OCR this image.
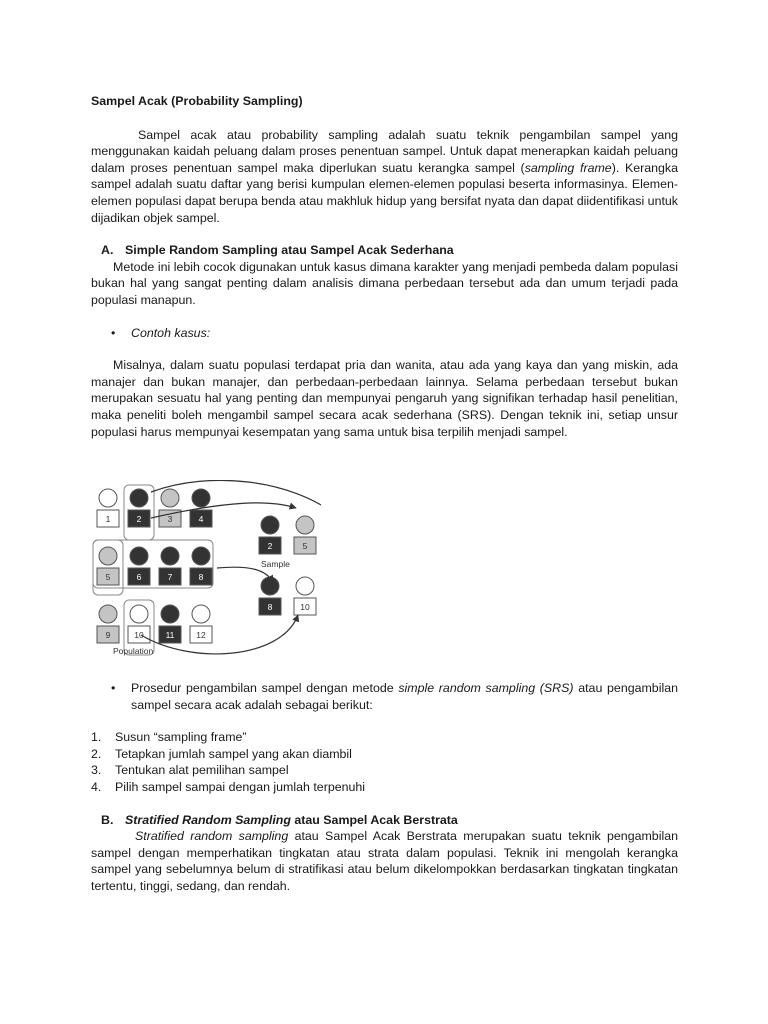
Sampel Acak (Probability Sampling)

Sampel acak atau probability sampling adalah suatu teknik pengambilan sampel yang menggunakan kaidah peluang dalam proses penentuan sampel. Untuk dapat menerapkan kaidah peluang dalam proses penentuan sampel maka diperlukan suatu kerangka sampel (sampling frame). Kerangka sampel adalah suatu daftar yang berisi kumpulan elemen-elemen populasi beserta informasinya. Elemen-elemen populasi dapat berupa benda atau makhluk hidup yang bersifat nyata dan dapat diidentifikasi untuk dijadikan objek sampel.

A. Simple Random Sampling atau Sampel Acak Sederhana

Metode ini lebih cocok digunakan untuk kasus dimana karakter yang menjadi pembeda dalam populasi bukan hal yang sangat penting dalam analisis dimana perbedaan tersebut ada dan umum terjadi pada populasi manapun.

•	Contoh kasus:

Misalnya, dalam suatu populasi terdapat pria dan wanita, atau ada yang kaya dan yang miskin, ada manajer dan bukan manajer, dan perbedaan-perbedaan lainnya. Selama perbedaan tersebut bukan merupakan sesuatu hal yang penting dan mempunyai pengaruh yang signifikan terhadap hasil penelitian, maka peneliti boleh mengambil sampel secara acak sederhana (SRS). Dengan teknik ini, setiap unsur populasi harus mempunyai kesempatan yang sama untuk bisa terpilih menjadi sampel.

1	2	3	4
5	6	7	8
9	10	11	12
2	5
8	10
Sample
Population

•	Prosedur pengambilan sampel dengan metode simple random sampling (SRS) atau pengambilan sampel secara acak adalah sebagai berikut:

1.	Susun “sampling frame”
2.	Tetapkan jumlah sampel yang akan diambil
3.	Tentukan alat pemilihan sampel
4.	Pilih sampel sampai dengan jumlah terpenuhi

B. Stratified Random Sampling atau Sampel Acak Berstrata

Stratified random sampling atau Sampel Acak Berstrata merupakan suatu teknik pengambilan sampel dengan memperhatikan tingkatan atau strata dalam populasi. Teknik ini mengolah kerangka sampel yang sebelumnya belum di stratifikasi atau belum dikelompokkan berdasarkan tingkatan tingkatan tertentu, tinggi, sedang, dan rendah.
